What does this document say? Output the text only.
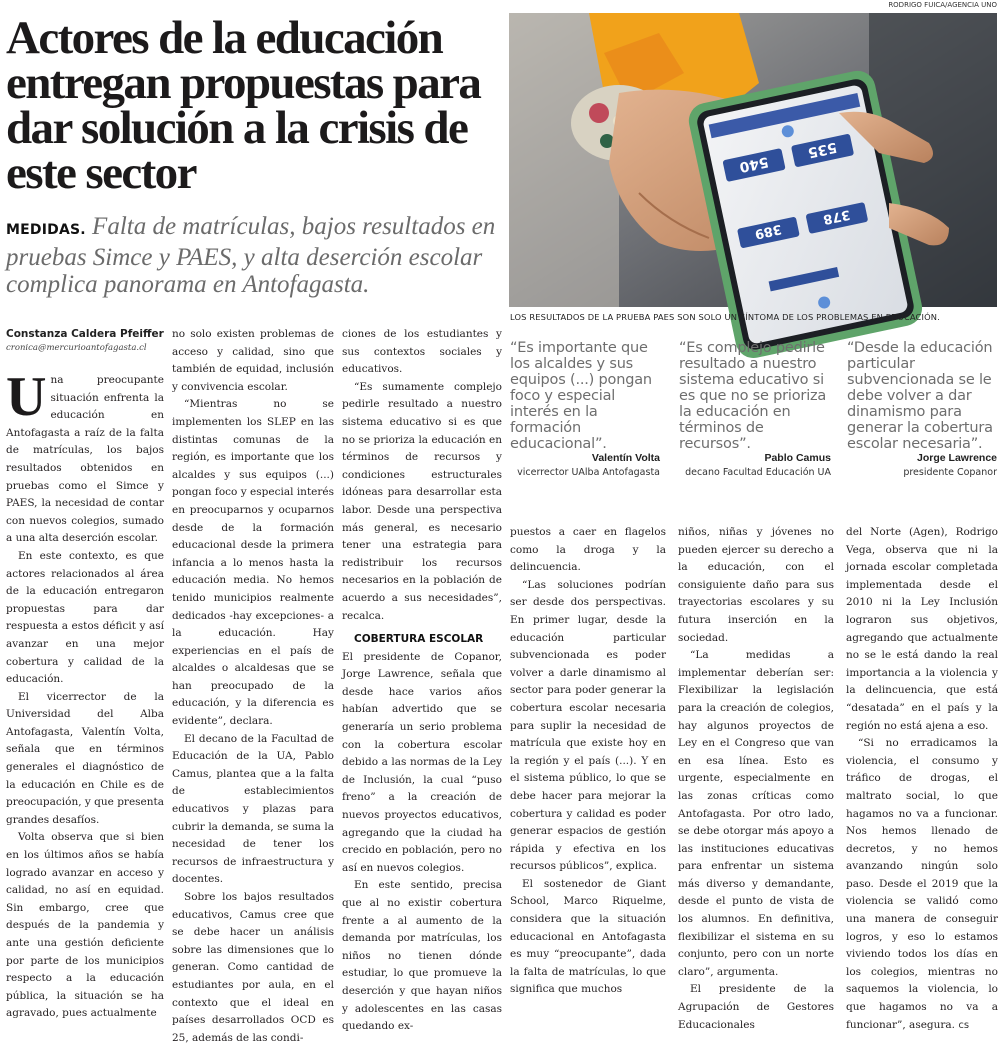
RODRIGO FUICA/AGENCIA UNO
Actores de la educación entregan propuestas para dar solución a la crisis de este sector
MEDIDAS. Falta de matrículas, bajos resultados en pruebas Simce y PAES, y alta deserción escolar complica panorama en Antofagasta.
540
535
389
378
LOS RESULTADOS DE LA PRUEBA PAES SON SOLO UN SÍNTOMA DE LOS PROBLEMAS EN EDUCACIÓN.
Constanza Caldera Pfeiffer
cronica@mercurioantofagasta.cl

Una preocupante situación enfrenta la educación en Antofagasta a raíz de la falta de matrículas, los bajos resultados obtenidos en pruebas como el Simce y PAES, la necesidad de contar con nuevos colegios, sumado a una alta deserción escolar.

En este contexto, es que actores relacionados al área de la educación entregaron propuestas para dar respuesta a estos déficit y así avanzar en una mejor cobertura y calidad de la educación.

El vicerrector de la Universidad del Alba Antofagasta, Valentín Volta, señala que en términos generales el diagnóstico de la educación en Chile es de preocupación, y que presenta grandes desafíos.

Volta observa que si bien en los últimos años se había logrado avanzar en acceso y calidad, no así en equidad. Sin embargo, cree que después de la pandemia y ante una gestión deficiente por parte de los municipios respecto a la educación pública, la situación se ha agravado, pues actualmente

no solo existen problemas de acceso y calidad, sino que también de equidad, inclusión y convivencia escolar.

“Mientras no se implementen los SLEP en las distintas comunas de la región, es importante que los alcaldes y sus equipos (...) pongan foco y especial interés en preocuparnos y ocuparnos desde de la formación educacional desde la primera infancia a lo menos hasta la educación media. No hemos tenido municipios realmente dedicados -hay excepciones- a la educación. Hay experiencias en el país de alcaldes o alcaldesas que se han preocupado de la educación, y la diferencia es evidente”, declara.

El decano de la Facultad de Educación de la UA, Pablo Camus, plantea que a la falta de establecimientos educativos y plazas para cubrir la demanda, se suma la necesidad de tener los recursos de infraestructura y docentes.

Sobre los bajos resultados educativos, Camus cree que se debe hacer un análisis sobre las dimensiones que lo generan. Como cantidad de estudiantes por aula, en el contexto que el ideal en países desarrollados OCD es 25, además de las condi-

ciones de los estudiantes y sus contextos sociales y educativos.

“Es sumamente complejo pedirle resultado a nuestro sistema educativo si es que no se prioriza la educación en términos de recursos y condiciones estructurales idóneas para desarrollar esta labor. Desde una perspectiva más general, es necesario tener una estrategia para redistribuir los recursos necesarios en la población de acuerdo a sus necesidades”, recalca.

COBERTURA ESCOLAR

El presidente de Copanor, Jorge Lawrence, señala que desde hace varios años habían advertido que se generaría un serio problema con la cobertura escolar debido a las normas de la Ley de Inclusión, la cual “puso freno” a la creación de nuevos proyectos educativos, agregando que la ciudad ha crecido en población, pero no así en nuevos colegios.

En este sentido, precisa que al no existir cobertura frente a al aumento de la demanda por matrículas, los niños no tienen dónde estudiar, lo que promueve la deserción y que hayan niños y adolescentes en las casas quedando ex-

“Es importante que los alcaldes y sus equipos (...) pongan foco y especial interés en la formación educacional”.
Valentín Volta
vicerrector UAlba Antofagasta
“Es complejo pedirle resultado a nuestro sistema educativo si es que no se prioriza la educación en términos de recursos”.
Pablo Camus
decano Facultad Educación UA
“Desde la educación particular subvencionada se le debe volver a dar dinamismo para generar la cobertura escolar necesaria”.
Jorge Lawrence
presidente Copanor

puestos a caer en flagelos como la droga y la delincuencia.

“Las soluciones podrían ser desde dos perspectivas. En primer lugar, desde la educación particular subvencionada es poder volver a darle dinamismo al sector para poder generar la cobertura escolar necesaria para suplir la necesidad de matrícula que existe hoy en la región y el país (...). Y en el sistema público, lo que se debe hacer para mejorar la cobertura y calidad es poder generar espacios de gestión rápida y efectiva en los recursos públicos”, explica.

El sostenedor de Giant School, Marco Riquelme, considera que la situación educacional en Antofagasta es muy “preocupante”, dada la falta de matrículas, lo que significa que muchos

niños, niñas y jóvenes no pueden ejercer su derecho a la educación, con el consiguiente daño para sus trayectorias escolares y su futura inserción en la sociedad.

“La medidas a implementar deberían ser: Flexibilizar la legislación para la creación de colegios, hay algunos proyectos de Ley en el Congreso que van en esa línea. Esto es urgente, especialmente en las zonas críticas como Antofagasta. Por otro lado, se debe otorgar más apoyo a las instituciones educativas para enfrentar un sistema más diverso y demandante, desde el punto de vista de los alumnos. En definitiva, flexibilizar el sistema en su conjunto, pero con un norte claro”, argumenta.

El presidente de la Agrupación de Gestores Educacionales

del Norte (Agen), Rodrigo Vega, observa que ni la jornada escolar completada implementada desde el 2010 ni la Ley Inclusión lograron sus objetivos, agregando que actualmente no se le está dando la real importancia a la violencia y la delincuencia, que está “desatada” en el país y la región no está ajena a eso.

“Si no erradicamos la violencia, el consumo y tráfico de drogas, el maltrato social, lo que hagamos no va a funcionar. Nos hemos llenado de decretos, y no hemos avanzando ningún solo paso. Desde el 2019 que la violencia se validó como una manera de conseguir logros, y eso lo estamos viviendo todos los días en los colegios, mientras no saquemos la violencia, lo que hagamos no va a funcionar”, asegura. cs
